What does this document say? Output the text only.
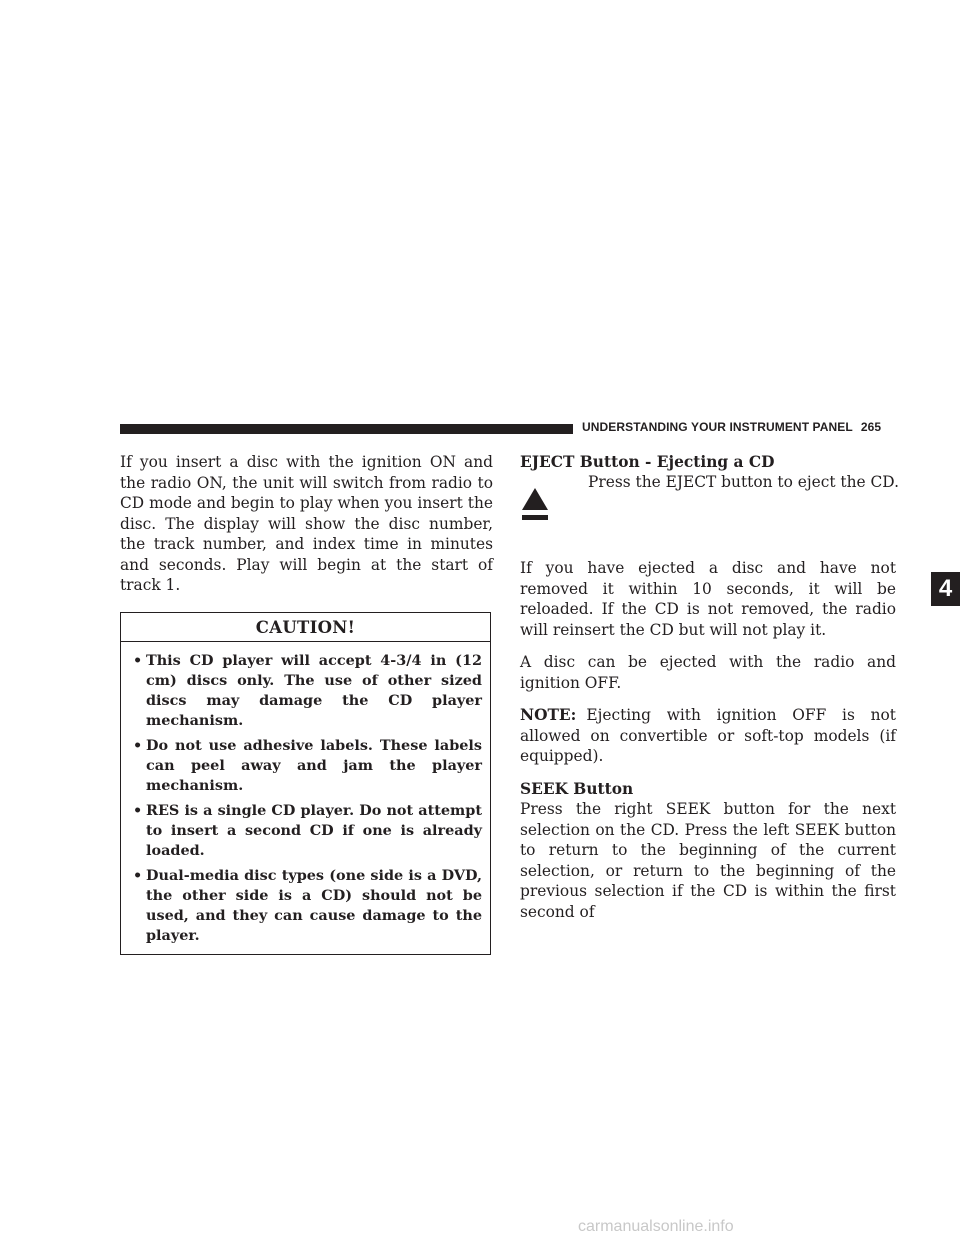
UNDERSTANDING YOUR INSTRUMENT PANEL 265

If you insert a disc with the ignition ON and the radio ON, the unit will switch from radio to CD mode and begin to play when you insert the disc. The display will show the disc number, the track number, and index time in minutes and seconds. Play will begin at the start of track 1.

CAUTION!
• This CD player will accept 4-3/4 in (12 cm) discs only. The use of other sized discs may damage the CD player mechanism.
• Do not use adhesive labels. These labels can peel away and jam the player mechanism.
• RES is a single CD player. Do not attempt to insert a second CD if one is already loaded.
• Dual-media disc types (one side is a DVD, the other side is a CD) should not be used, and they can cause damage to the player.

EJECT Button - Ejecting a CD

Press the EJECT button to eject the CD.

If you have ejected a disc and have not removed it within 10 seconds, it will be reloaded. If the CD is not removed, the radio will reinsert the CD but will not play it.

A disc can be ejected with the radio and ignition OFF.

NOTE: Ejecting with ignition OFF is not allowed on convertible or soft-top models (if equipped).

SEEK Button

Press the right SEEK button for the next selection on the CD. Press the left SEEK button to return to the beginning of the current selection, or return to the beginning of the previous selection if the CD is within the first second of

4
carmanualsonline.info
